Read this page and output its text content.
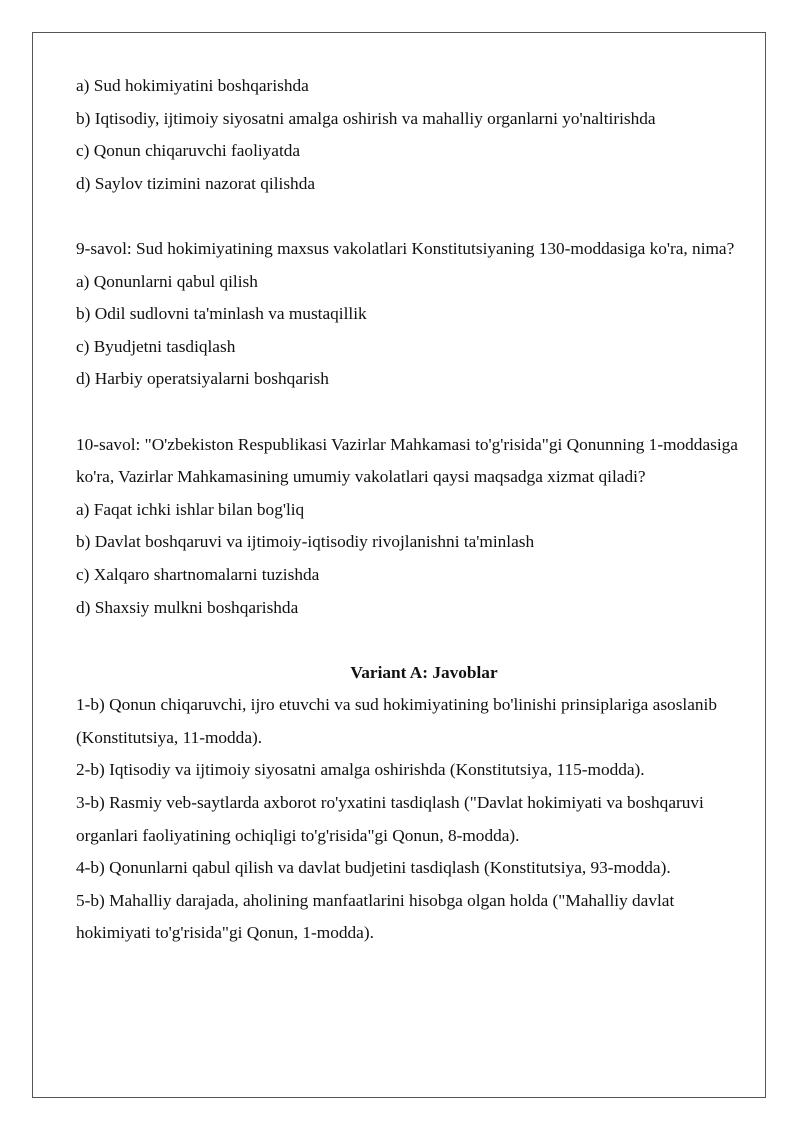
a) Sud hokimiyatini boshqarishda
b) Iqtisodiy, ijtimoiy siyosatni amalga oshirish va mahalliy organlarni yo'naltirishda
c) Qonun chiqaruvchi faoliyatda
d) Saylov tizimini nazorat qilishda
9-savol: Sud hokimiyatining maxsus vakolatlari Konstitutsiyaning 130-moddasiga ko'ra, nima?
a) Qonunlarni qabul qilish
b) Odil sudlovni ta'minlash va mustaqillik
c) Byudjetni tasdiqlash
d) Harbiy operatsiyalarni boshqarish
10-savol: "O'zbekiston Respublikasi Vazirlar Mahkamasi to'g'risida"gi Qonunning 1-moddasiga ko'ra, Vazirlar Mahkamasining umumiy vakolatlari qaysi maqsadga xizmat qiladi?
a) Faqat ichki ishlar bilan bog'liq
b) Davlat boshqaruvi va ijtimoiy-iqtisodiy rivojlanishni ta'minlash
c) Xalqaro shartnomalarni tuzishda
d) Shaxsiy mulkni boshqarishda
Variant A: Javoblar
1-b) Qonun chiqaruvchi, ijro etuvchi va sud hokimiyatining bo'linishi prinsiplariga asoslanib (Konstitutsiya, 11-modda).
2-b) Iqtisodiy va ijtimoiy siyosatni amalga oshirishda (Konstitutsiya, 115-modda).
3-b) Rasmiy veb-saytlarda axborot ro'yxatini tasdiqlash ("Davlat hokimiyati va boshqaruvi organlari faoliyatining ochiqligi to'g'risida"gi Qonun, 8-modda).
4-b) Qonunlarni qabul qilish va davlat budjetini tasdiqlash (Konstitutsiya, 93-modda).
5-b) Mahalliy darajada, aholining manfaatlarini hisobga olgan holda ("Mahalliy davlat hokimiyati to'g'risida"gi Qonun, 1-modda).
